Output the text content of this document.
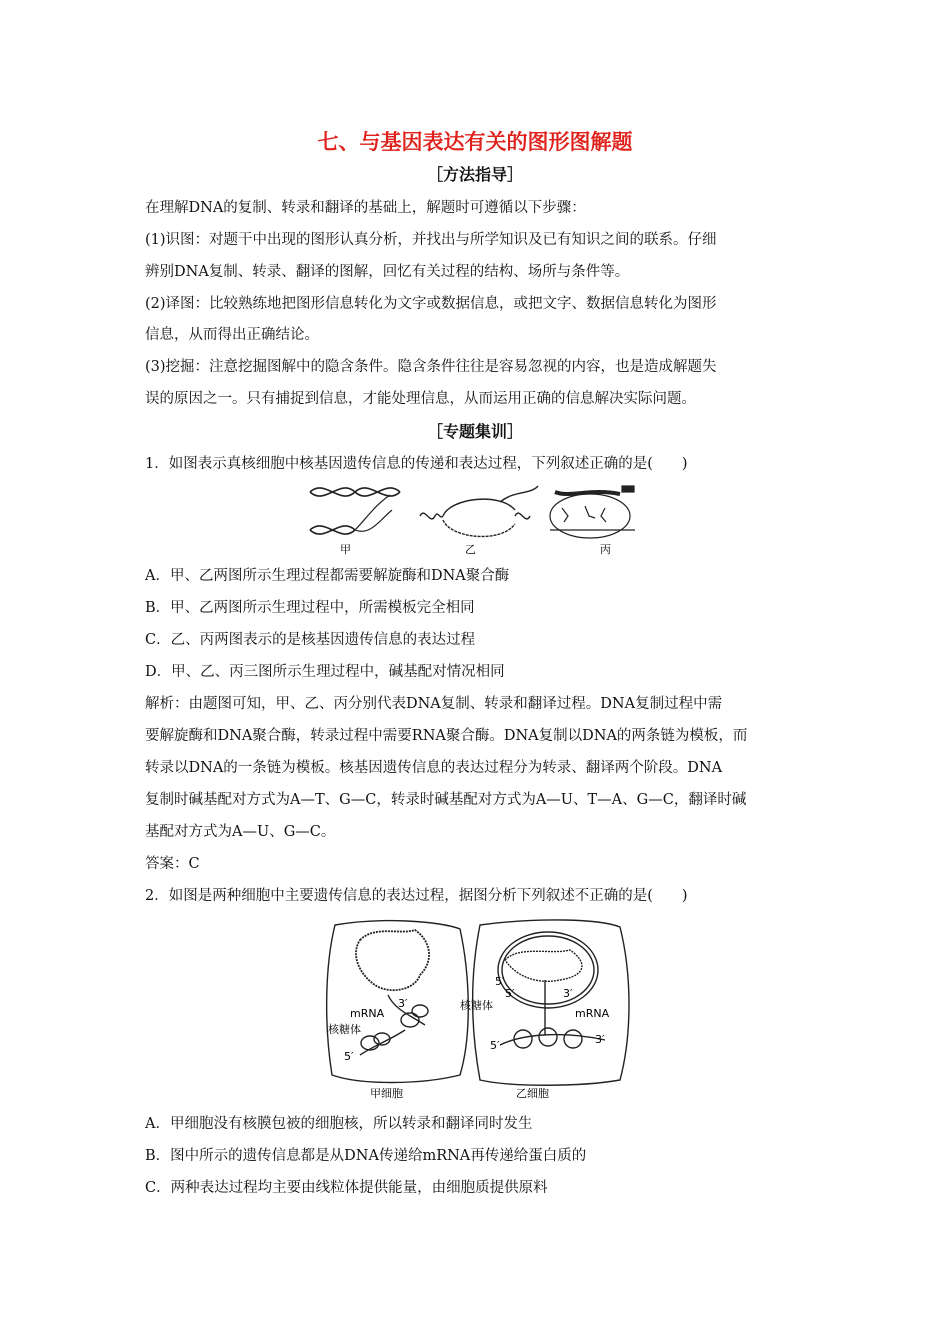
七、与基因表达有关的图形图解题
［方法指导］
在理解DNA的复制、转录和翻译的基础上，解题时可遵循以下步骤：
(1)识图：对题干中出现的图形认真分析，并找出与所学知识及已有知识之间的联系。仔细
辨别DNA复制、转录、翻译的图解，回忆有关过程的结构、场所与条件等。
(2)译图：比较熟练地把图形信息转化为文字或数据信息，或把文字、数据信息转化为图形
信息，从而得出正确结论。
(3)挖掘：注意挖掘图解中的隐含条件。隐含条件往往是容易忽视的内容，也是造成解题失
误的原因之一。只有捕捉到信息，才能处理信息，从而运用正确的信息解决实际问题。
［专题集训］
1．如图表示真核细胞中核基因遗传信息的传递和表达过程，下列叙述正确的是(　　)
甲	乙	丙
A．甲、乙两图所示生理过程都需要解旋酶和DNA聚合酶
B．甲、乙两图所示生理过程中，所需模板完全相同
C．乙、丙两图表示的是核基因遗传信息的表达过程
D．甲、乙、丙三图所示生理过程中，碱基配对情况相同
解析：由题图可知，甲、乙、丙分别代表DNA复制、转录和翻译过程。DNA复制过程中需
要解旋酶和DNA聚合酶，转录过程中需要RNA聚合酶。DNA复制以DNA的两条链为模板，而
转录以DNA的一条链为模板。核基因遗传信息的表达过程分为转录、翻译两个阶段。DNA
复制时碱基配对方式为A—T、G—C，转录时碱基配对方式为A—U、T—A、G—C，翻译时碱
基配对方式为A—U、G—C。
答案：C
2．如图是两种细胞中主要遗传信息的表达过程，据图分析下列叙述不正确的是(　　)
3′
mRNA
核糖体
5′
甲细胞
5′
5′	3′
核糖体
mRNA
5′	3′
乙细胞
A．甲细胞没有核膜包被的细胞核，所以转录和翻译同时发生
B．图中所示的遗传信息都是从DNA传递给mRNA再传递给蛋白质的
C．两种表达过程均主要由线粒体提供能量，由细胞质提供原料
